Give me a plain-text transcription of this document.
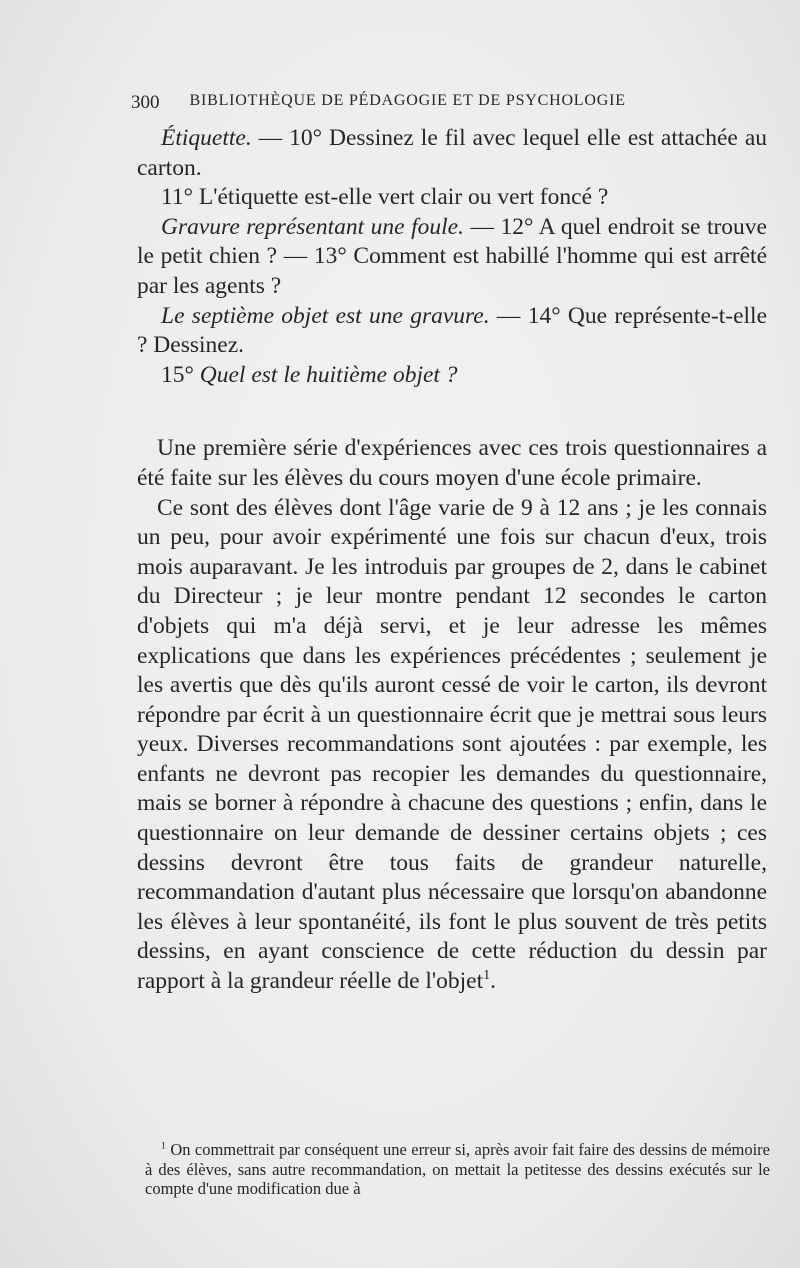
300 BIBLIOTHÈQUE DE PÉDAGOGIE ET DE PSYCHOLOGIE

Étiquette. — 10° Dessinez le fil avec lequel elle est attachée au carton.

11° L'étiquette est-elle vert clair ou vert foncé ?

Gravure représentant une foule. — 12° A quel endroit se trouve le petit chien ? — 13° Comment est habillé l'homme qui est arrêté par les agents ?

Le septième objet est une gravure. — 14° Que représente-t-elle ? Dessinez.

15° Quel est le huitième objet ?

Une première série d'expériences avec ces trois questionnaires a été faite sur les élèves du cours moyen d'une école primaire.

Ce sont des élèves dont l'âge varie de 9 à 12 ans ; je les connais un peu, pour avoir expérimenté une fois sur chacun d'eux, trois mois auparavant. Je les introduis par groupes de 2, dans le cabinet du Directeur ; je leur montre pendant 12 secondes le carton d'objets qui m'a déjà servi, et je leur adresse les mêmes explications que dans les expériences précédentes ; seulement je les avertis que dès qu'ils auront cessé de voir le carton, ils devront répondre par écrit à un questionnaire écrit que je mettrai sous leurs yeux. Diverses recommandations sont ajoutées : par exemple, les enfants ne devront pas recopier les demandes du questionnaire, mais se borner à répondre à chacune des questions ; enfin, dans le questionnaire on leur demande de dessiner certains objets ; ces dessins devront être tous faits de grandeur naturelle, recommandation d'autant plus nécessaire que lorsqu'on abandonne les élèves à leur spontanéité, ils font le plus souvent de très petits dessins, en ayant conscience de cette réduction du dessin par rapport à la grandeur réelle de l'objet$^1$.

$^1$ On commettrait par conséquent une erreur si, après avoir fait faire des dessins de mémoire à des élèves, sans autre recommandation, on mettait la petitesse des dessins exécutés sur le compte d'une modification due à
